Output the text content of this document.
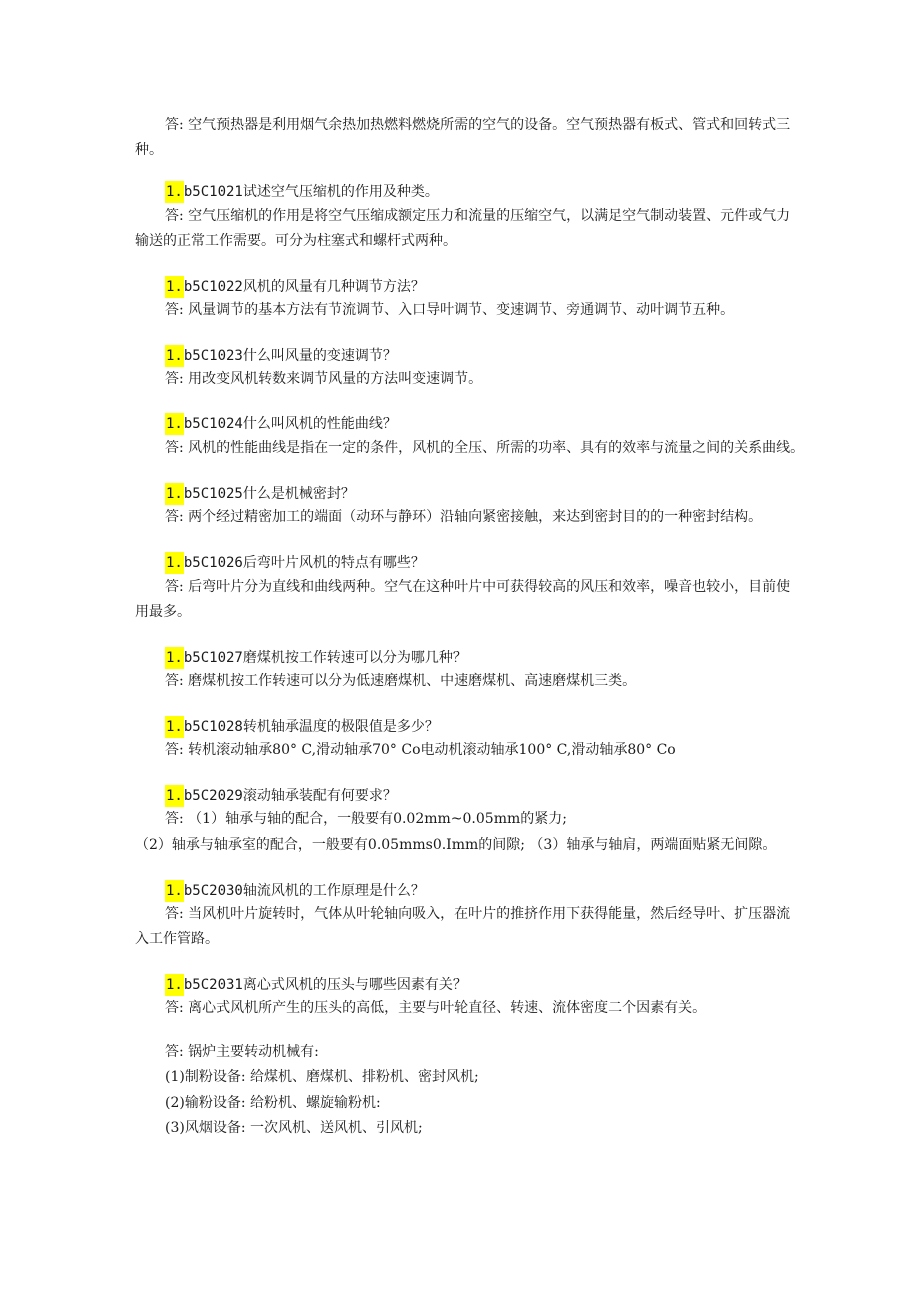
答: 空气预热器是利用烟气余热加热燃料燃烧所需的空气的设备。空气预热器有板式、管式和回转式三
种。
1.b5C1021试述空气压缩机的作用及种类。
答: 空气压缩机的作用是将空气压缩成额定压力和流量的压缩空气，以满足空气制动装置、元件或气力
输送的正常工作需要。可分为柱塞式和螺杆式两种。
1.b5C1022风机的风量有几种调节方法？
答: 风量调节的基本方法有节流调节、入口导叶调节、变速调节、旁通调节、动叶调节五种。
1.b5C1023什么叫风量的变速调节？
答: 用改变风机转数来调节风量的方法叫变速调节。
1.b5C1024什么叫风机的性能曲线？
答: 风机的性能曲线是指在一定的条件，风机的全压、所需的功率、具有的效率与流量之间的关系曲线。
1.b5C1025什么是机械密封？
答: 两个经过精密加工的端面（动环与静环）沿轴向紧密接触，来达到密封目的的一种密封结构。
1.b5C1026后弯叶片风机的特点有哪些？
答: 后弯叶片分为直线和曲线两种。空气在这种叶片中可获得较高的风压和效率，噪音也较小，目前使
用最多。
1.b5C1027磨煤机按工作转速可以分为哪几种？
答: 磨煤机按工作转速可以分为低速磨煤机、中速磨煤机、高速磨煤机三类。
1.b5C1028转机轴承温度的极限值是多少？
答: 转机滚动轴承80° C,滑动轴承70° Co电动机滚动轴承100° C,滑动轴承80° Co
1.b5C2029滚动轴承装配有何要求？
答: （1）轴承与轴的配合，一般要有0.02mm~0.05mm的紧力;
（2）轴承与轴承室的配合，一般要有0.05mms0.Imm的间隙; （3）轴承与轴肩，两端面贴紧无间隙。
1.b5C2030轴流风机的工作原理是什么？
答: 当风机叶片旋转时，气体从叶轮轴向吸入，在叶片的推挤作用下获得能量，然后经导叶、扩压器流
入工作管路。
1.b5C2031离心式风机的压头与哪些因素有关？
答: 离心式风机所产生的压头的高低，主要与叶轮直径、转速、流体密度二个因素有关。
答: 锅炉主要转动机械有:
(1)制粉设备: 给煤机、磨煤机、排粉机、密封风机;
(2)输粉设备: 给粉机、螺旋输粉机:
(3)风烟设备: 一次风机、送风机、引风机;
